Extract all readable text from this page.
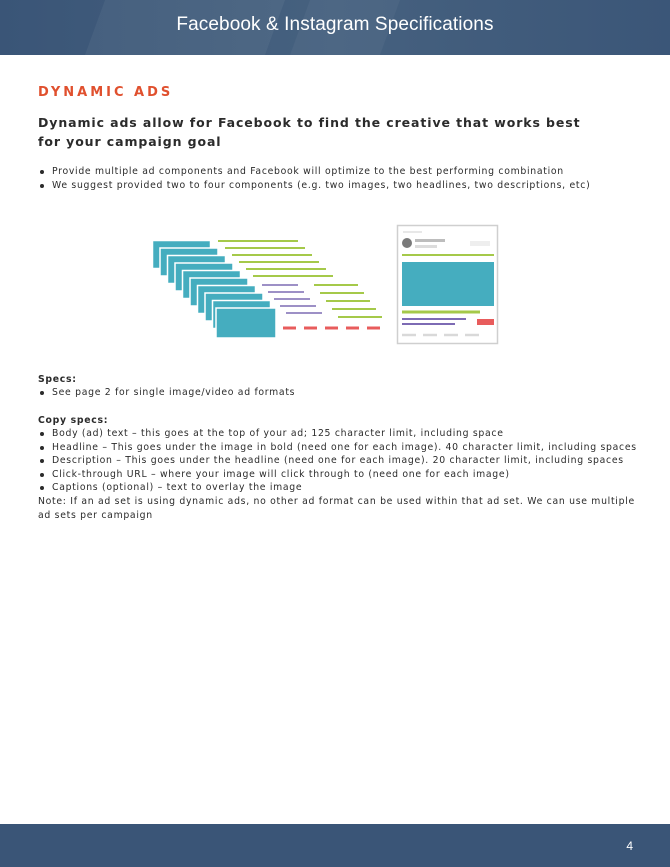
Facebook & Instagram Specifications
DYNAMIC ADS
Dynamic ads allow for Facebook to find the creative that works best for your campaign goal
Provide multiple ad components and Facebook will optimize to the best performing combination
We suggest provided two to four components (e.g. two images, two headlines, two descriptions, etc)
Specs:
See page 2 for single image/video ad formats
Copy specs:
Body (ad) text – this goes at the top of your ad; 125 character limit, including space
Headline – This goes under the image in bold (need one for each image). 40 character limit, including spaces
Description – This goes under the headline (need one for each image). 20 character limit, including spaces
Click-through URL – where your image will click through to (need one for each image)
Captions (optional) – text to overlay the image
Note: If an ad set is using dynamic ads, no other ad format can be used within that ad set. We can use multiple ad sets per campaign
4
